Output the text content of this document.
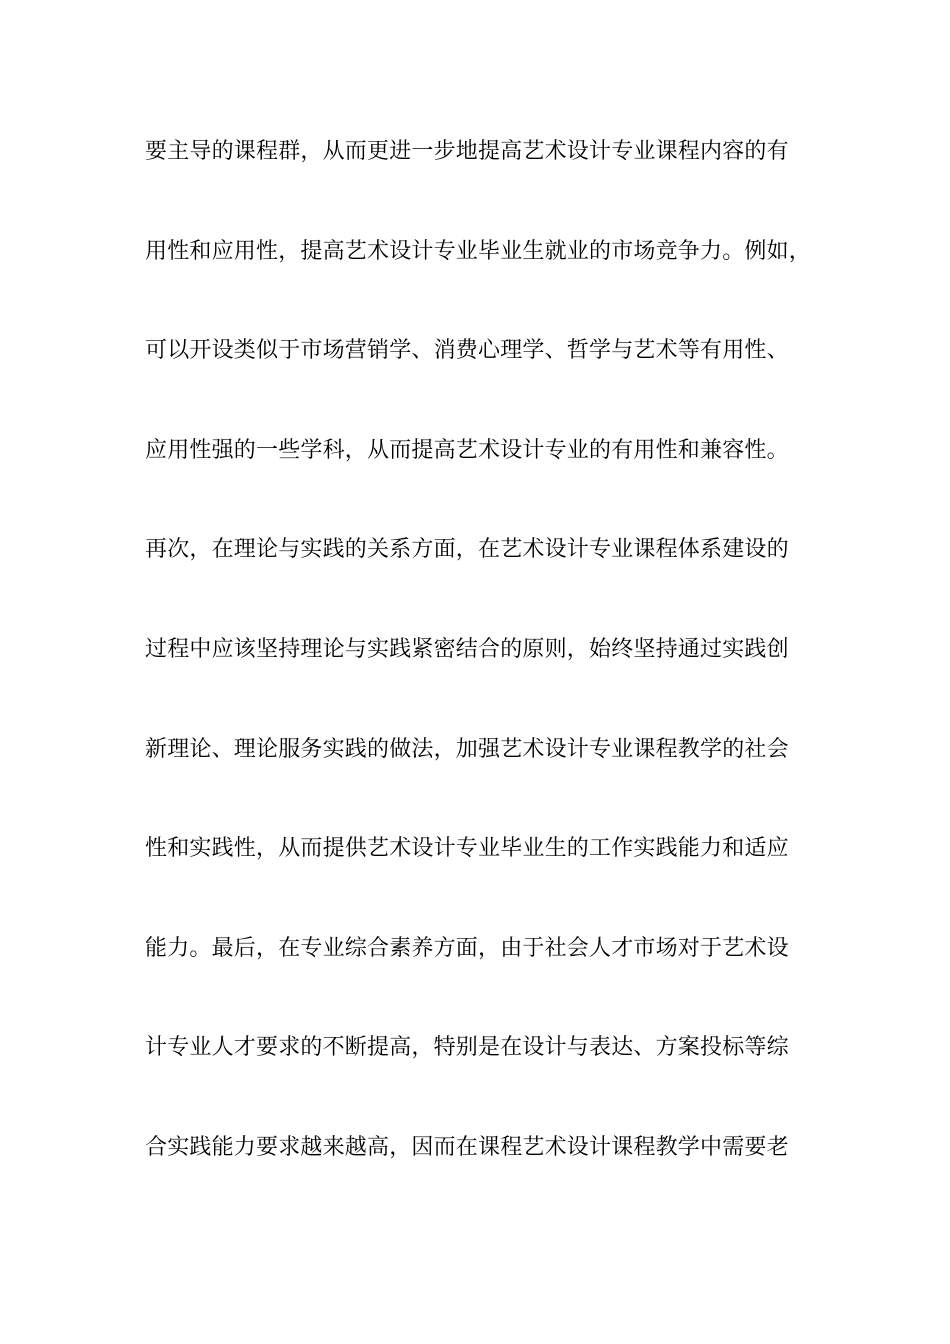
要主导的课程群，从而更进一步地提高艺术设计专业课程内容的有
用性和应用性，提高艺术设计专业毕业生就业的市场竞争力。例如，
可以开设类似于市场营销学、消费心理学、哲学与艺术等有用性、
应用性强的一些学科，从而提高艺术设计专业的有用性和兼容性。
再次，在理论与实践的关系方面，在艺术设计专业课程体系建设的
过程中应该坚持理论与实践紧密结合的原则，始终坚持通过实践创
新理论、理论服务实践的做法，加强艺术设计专业课程教学的社会
性和实践性，从而提供艺术设计专业毕业生的工作实践能力和适应
能力。最后，在专业综合素养方面，由于社会人才市场对于艺术设
计专业人才要求的不断提高，特别是在设计与表达、方案投标等综
合实践能力要求越来越高，因而在课程艺术设计课程教学中需要老
